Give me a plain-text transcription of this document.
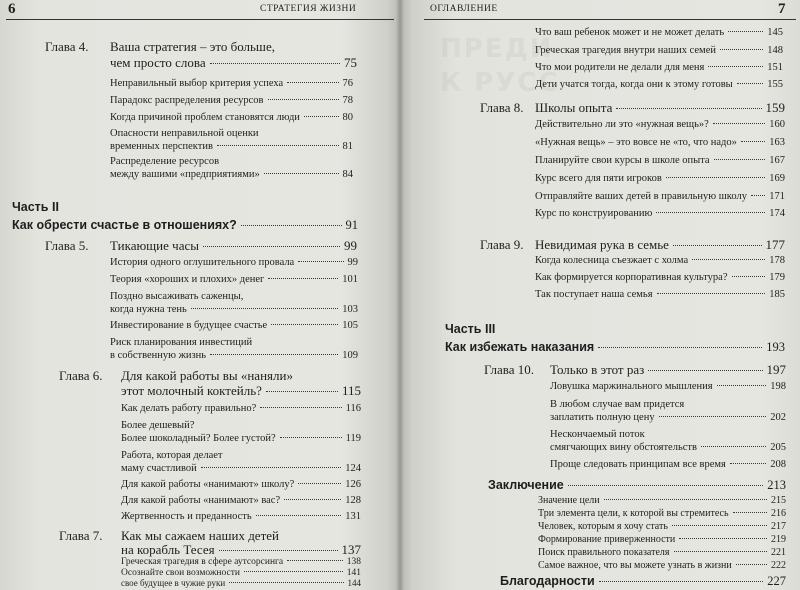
6	СТРАТЕГИЯ ЖИЗНИ
Глава 4. Ваша стратегия – это больше,
чем просто слова	75
Неправильный выбор критерия успеха	76
Парадокс распределения ресурсов	78
Когда причиной проблем становятся люди	80
Опасности неправильной оценки
временных перспектив	81
Распределение ресурсов
между вашими «предприятиями»	84
Часть II
Как обрести счастье в отношениях?	91
Глава 5. Тикающие часы	99
История одного оглушительного провала	99
Теория «хороших и плохих» денег	101
Поздно высаживать саженцы,
когда нужна тень	103
Инвестирование в будущее счастье	105
Риск планирования инвестиций
в собственную жизнь	109
Глава 6. Для какой работы вы «наняли»
этот молочный коктейль?	115
Как делать работу правильно?	116
Более дешевый?
Более шоколадный? Более густой?	119
Работа, которая делает
маму счастливой	124
Для какой работы «нанимают» школу?	126
Для какой работы «нанимают» вас?	128
Жертвенность и преданность	131
Глава 7. Как мы сажаем наших детей
на корабль Тесея	137
Греческая трагедия в сфере аутсорсинга	138
Осознайте свои возможности	141
свое будущее в чужие руки	144
ОГЛАВЛЕНИЕ	7
ПРЕДИ
К РУСС
Что ваш ребенок может и не может делать	145
Греческая трагедия внутри наших семей	148
Что мои родители не делали для меня	151
Дети учатся тогда, когда они к этому готовы	155
Глава 8. Школы опыта	159
Действительно ли это «нужная вещь»?	160
«Нужная вещь» – это вовсе не «то, что надо»	163
Планируйте свои курсы в школе опыта	167
Курс всего для пяти игроков	169
Отправляйте ваших детей в правильную школу 171
Курс по конструированию	174
Глава 9. Невидимая рука в семье	177
Когда колесница съезжает с холма	178
Как формируется корпоративная культура?	179
Так поступает наша семья	185
Часть III
Как избежать наказания	193
Глава 10. Только в этот раз	197
Ловушка маржинального мышления	198
В любом случае вам придется
заплатить полную цену	202
Нескончаемый поток
смягчающих вину обстоятельств	205
Проще следовать принципам все время	208
Заключение	213
Значение цели	215
Три элемента цели, к которой вы стремитесь	216
Человек, которым я хочу стать	217
Формирование приверженности	219
Поиск правильного показателя	221
Самое важное, что вы можете узнать в жизни	222
Благодарности	227
